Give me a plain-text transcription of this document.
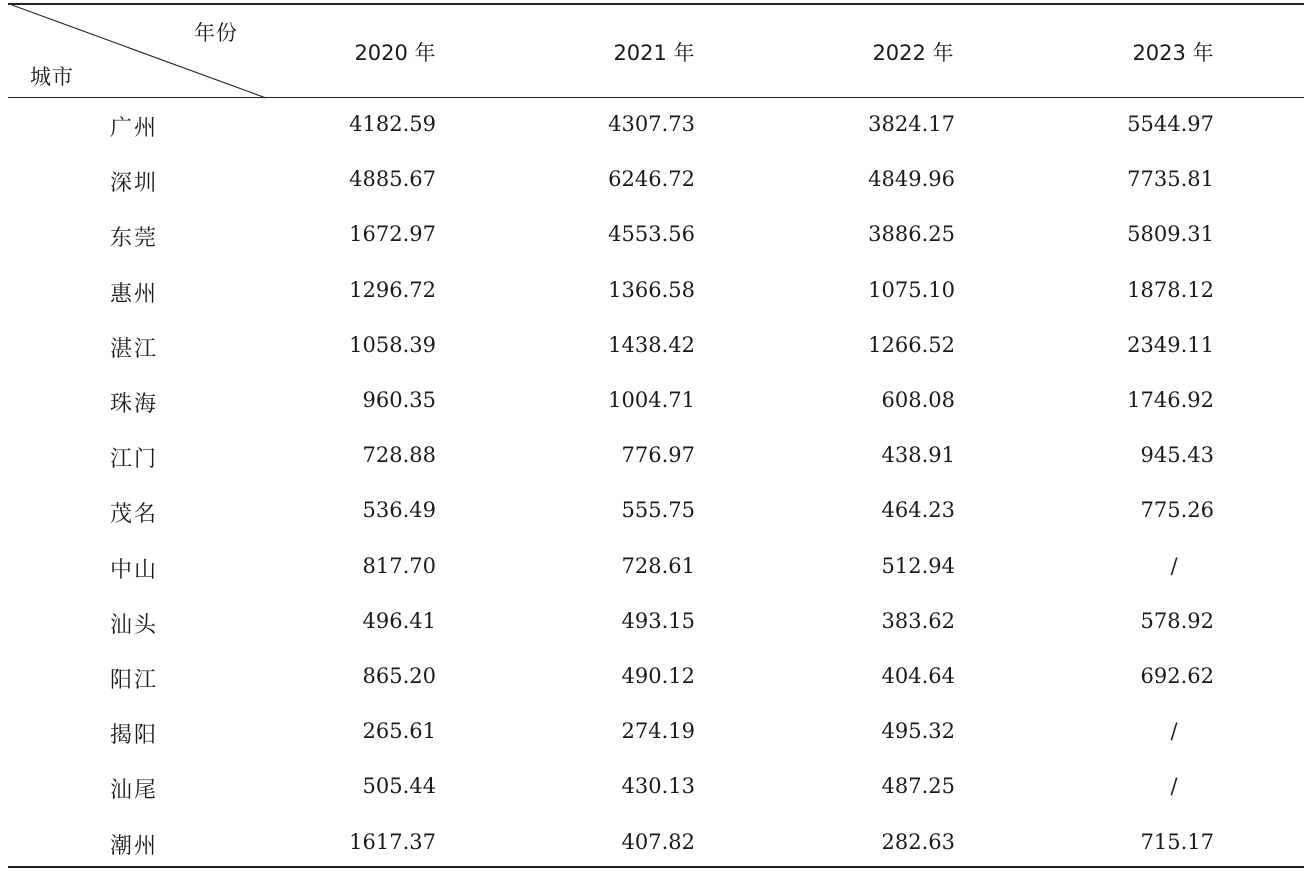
年份
城市
2020 年	2021 年	2022 年	2023 年
广州	4182.59	4307.73	3824.17	5544.97
深圳	4885.67	6246.72	4849.96	7735.81
东莞	1672.97	4553.56	3886.25	5809.31
惠州	1296.72	1366.58	1075.10	1878.12
湛江	1058.39	1438.42	1266.52	2349.11
珠海	960.35	1004.71	608.08	1746.92
江门	728.88	776.97	438.91	945.43
茂名	536.49	555.75	464.23	775.26
中山	817.70	728.61	512.94	/
汕头	496.41	493.15	383.62	578.92
阳江	865.20	490.12	404.64	692.62
揭阳	265.61	274.19	495.32	/
汕尾	505.44	430.13	487.25	/
潮州	1617.37	407.82	282.63	715.17
